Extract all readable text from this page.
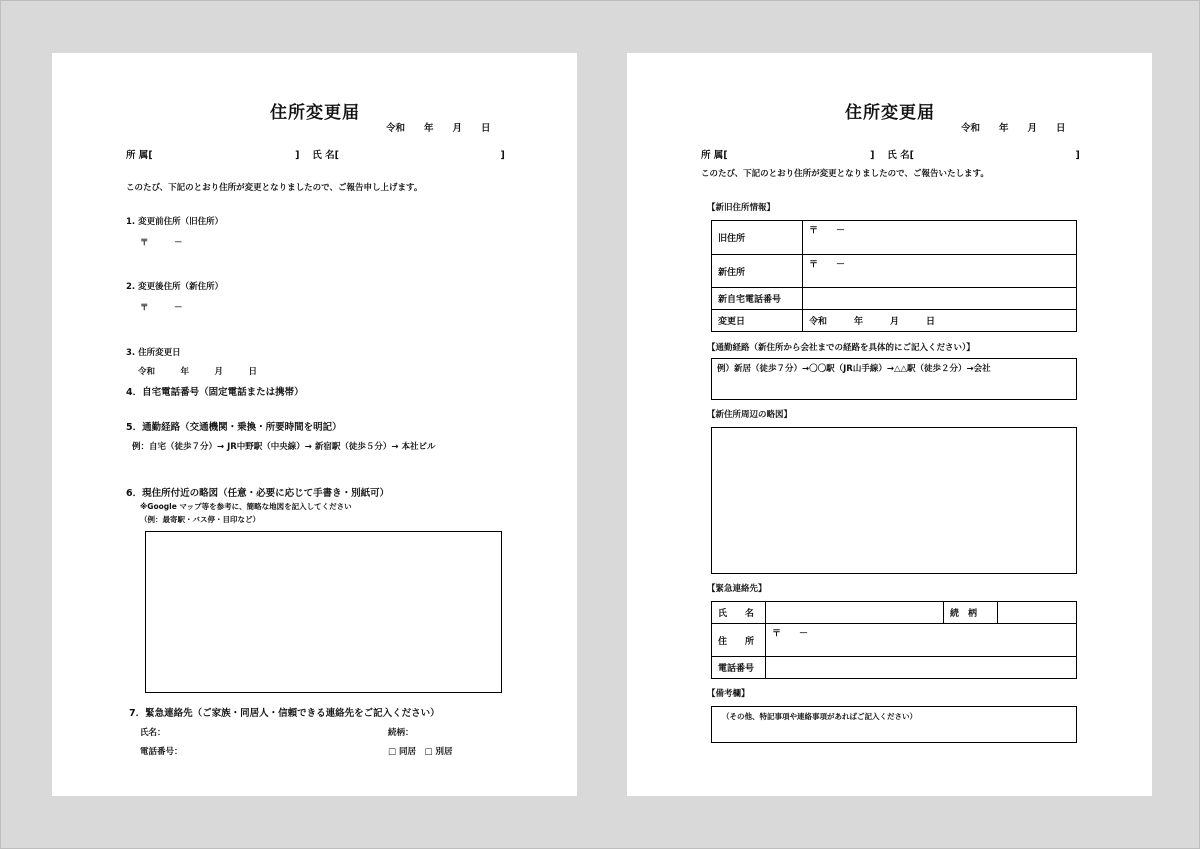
住所変更届
令和　　年　　月　　日
所 属[　　　　　　　　　　　　　　　]　 氏 名[　　　　　　　　　　　　　　　　　]
このたび、下記のとおり住所が変更となりましたので、ご報告申し上げます。
1. 変更前住所（旧住所）
〒　　　－
2. 変更後住所（新住所）
〒　　　－
3. 住所変更日
令和　　　年　　　月　　　日
4．自宅電話番号（固定電話または携帯）
5．通勤経路（交通機関・乗換・所要時間を明記）
例：自宅（徒歩７分）→ JR中野駅（中央線）→ 新宿駅（徒歩５分）→ 本社ビル
6．現住所付近の略図（任意・必要に応じて手書き・別紙可）
※Google マップ等を参考に、簡略な地図を記入してください
（例：最寄駅・バス停・目印など）
7．緊急連絡先（ご家族・同居人・信頼できる連絡先をご記入ください）
氏名：	続柄：
電話番号：	□ 同居　□ 別居
住所変更届
令和　　年　　月　　日
所 属[　　　　　　　　　　　　　　　]　 氏 名[　　　　　　　　　　　　　　　　　]
このたび、下記のとおり住所が変更となりましたので、ご報告いたします。
【新旧住所情報】
旧住所	〒　　－
新住所	〒　　－
新自宅電話番号	
変更日	令和　　　年　　　月　　　日
【通勤経路（新住所から会社までの経路を具体的にご記入ください）】
例）新居（徒歩７分）→〇〇駅（JR山手線）→△△駅（徒歩２分）→会社
【新住所周辺の略図】
【緊急連絡先】
氏　　名		続　柄	
住　　所	〒　　－		
電話番号			
【備考欄】
（その他、特記事項や連絡事項があればご記入ください）
